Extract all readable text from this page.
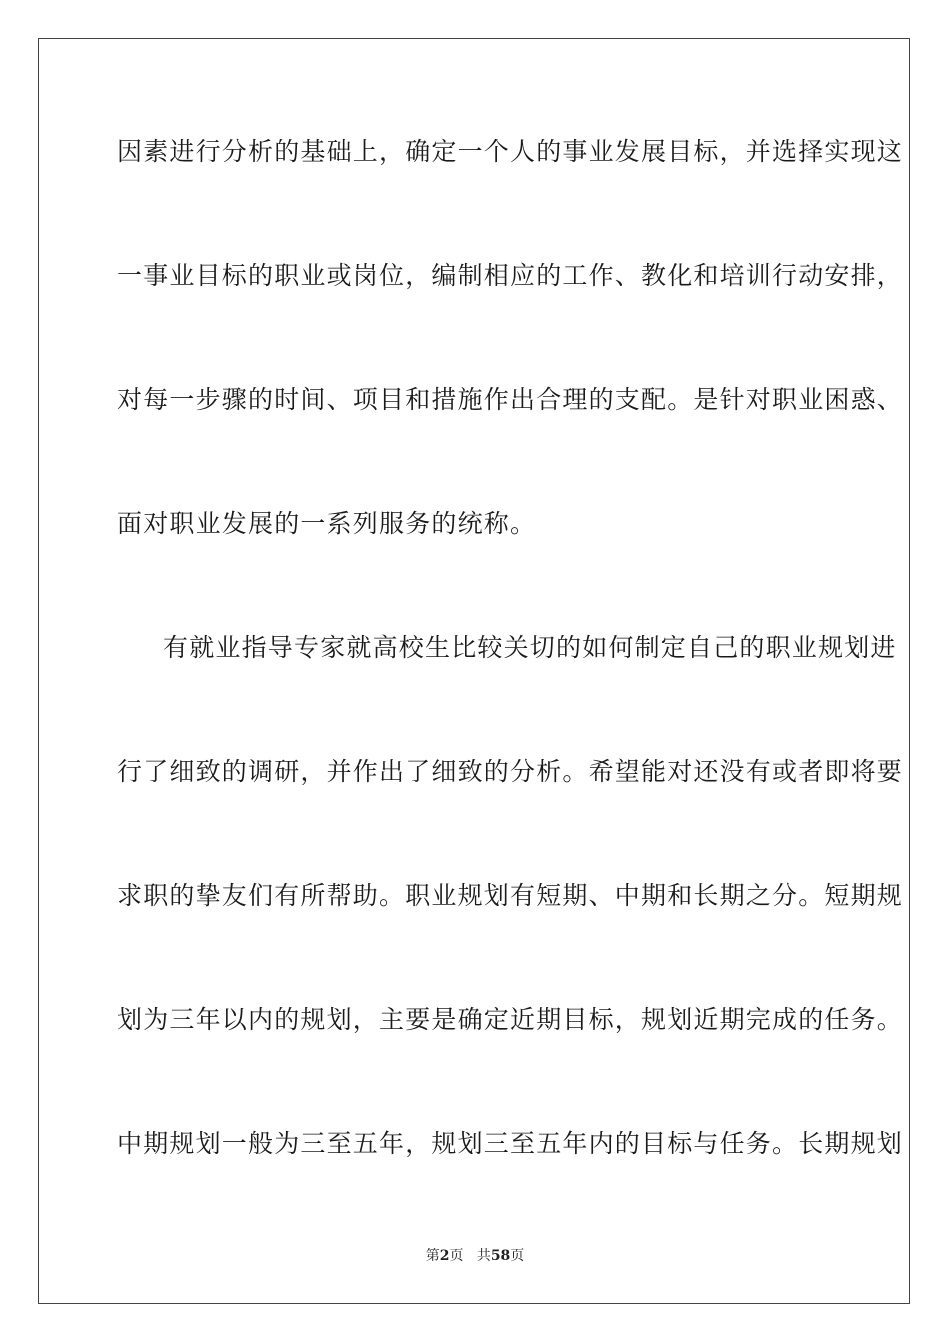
因素进行分析的基础上，确定一个人的事业发展目标，并选择实现这
一事业目标的职业或岗位，编制相应的工作、教化和培训行动安排，
对每一步骤的时间、项目和措施作出合理的支配。是针对职业困惑、
面对职业发展的一系列服务的统称。
有就业指导专家就高校生比较关切的如何制定自己的职业规划进
行了细致的调研，并作出了细致的分析。希望能对还没有或者即将要
求职的挚友们有所帮助。职业规划有短期、中期和长期之分。短期规
划为三年以内的规划，主要是确定近期目标，规划近期完成的任务。
中期规划一般为三至五年，规划三至五年内的目标与任务。长期规划
第2页 共58页
